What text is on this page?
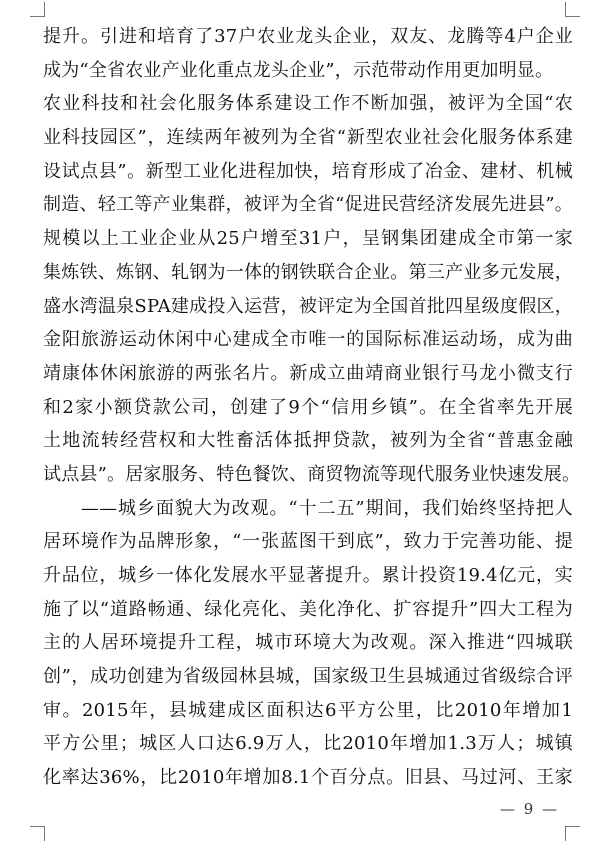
提升。引进和培育了37户农业龙头企业，双友、龙腾等4户企业
成为“全省农业产业化重点龙头企业”，示范带动作用更加明显。
农业科技和社会化服务体系建设工作不断加强，被评为全国“农
业科技园区”，连续两年被列为全省“新型农业社会化服务体系建
设试点县”。新型工业化进程加快，培育形成了冶金、建材、机械
制造、轻工等产业集群，被评为全省“促进民营经济发展先进县”。
规模以上工业企业从25户增至31户，呈钢集团建成全市第一家
集炼铁、炼钢、轧钢为一体的钢铁联合企业。第三产业多元发展，
盛水湾温泉SPA建成投入运营，被评定为全国首批四星级度假区，
金阳旅游运动休闲中心建成全市唯一的国际标准运动场，成为曲
靖康体休闲旅游的两张名片。新成立曲靖商业银行马龙小微支行
和2家小额贷款公司，创建了9个“信用乡镇”。在全省率先开展
土地流转经营权和大牲畜活体抵押贷款，被列为全省“普惠金融
试点县”。居家服务、特色餐饮、商贸物流等现代服务业快速发展。
　　——城乡面貌大为改观。“十二五”期间，我们始终坚持把人
居环境作为品牌形象，“一张蓝图干到底”，致力于完善功能、提
升品位，城乡一体化发展水平显著提升。累计投资19.4亿元，实
施了以“道路畅通、绿化亮化、美化净化、扩容提升”四大工程为
主的人居环境提升工程，城市环境大为改观。深入推进“四城联
创”，成功创建为省级园林县城，国家级卫生县城通过省级综合评
审。2015年，县城建成区面积达6平方公里，比2010年增加1
平方公里；城区人口达6.9万人，比2010年增加1.3万人；城镇
化率达36%，比2010年增加8.1个百分点。旧县、马过河、王家
— 9 —
